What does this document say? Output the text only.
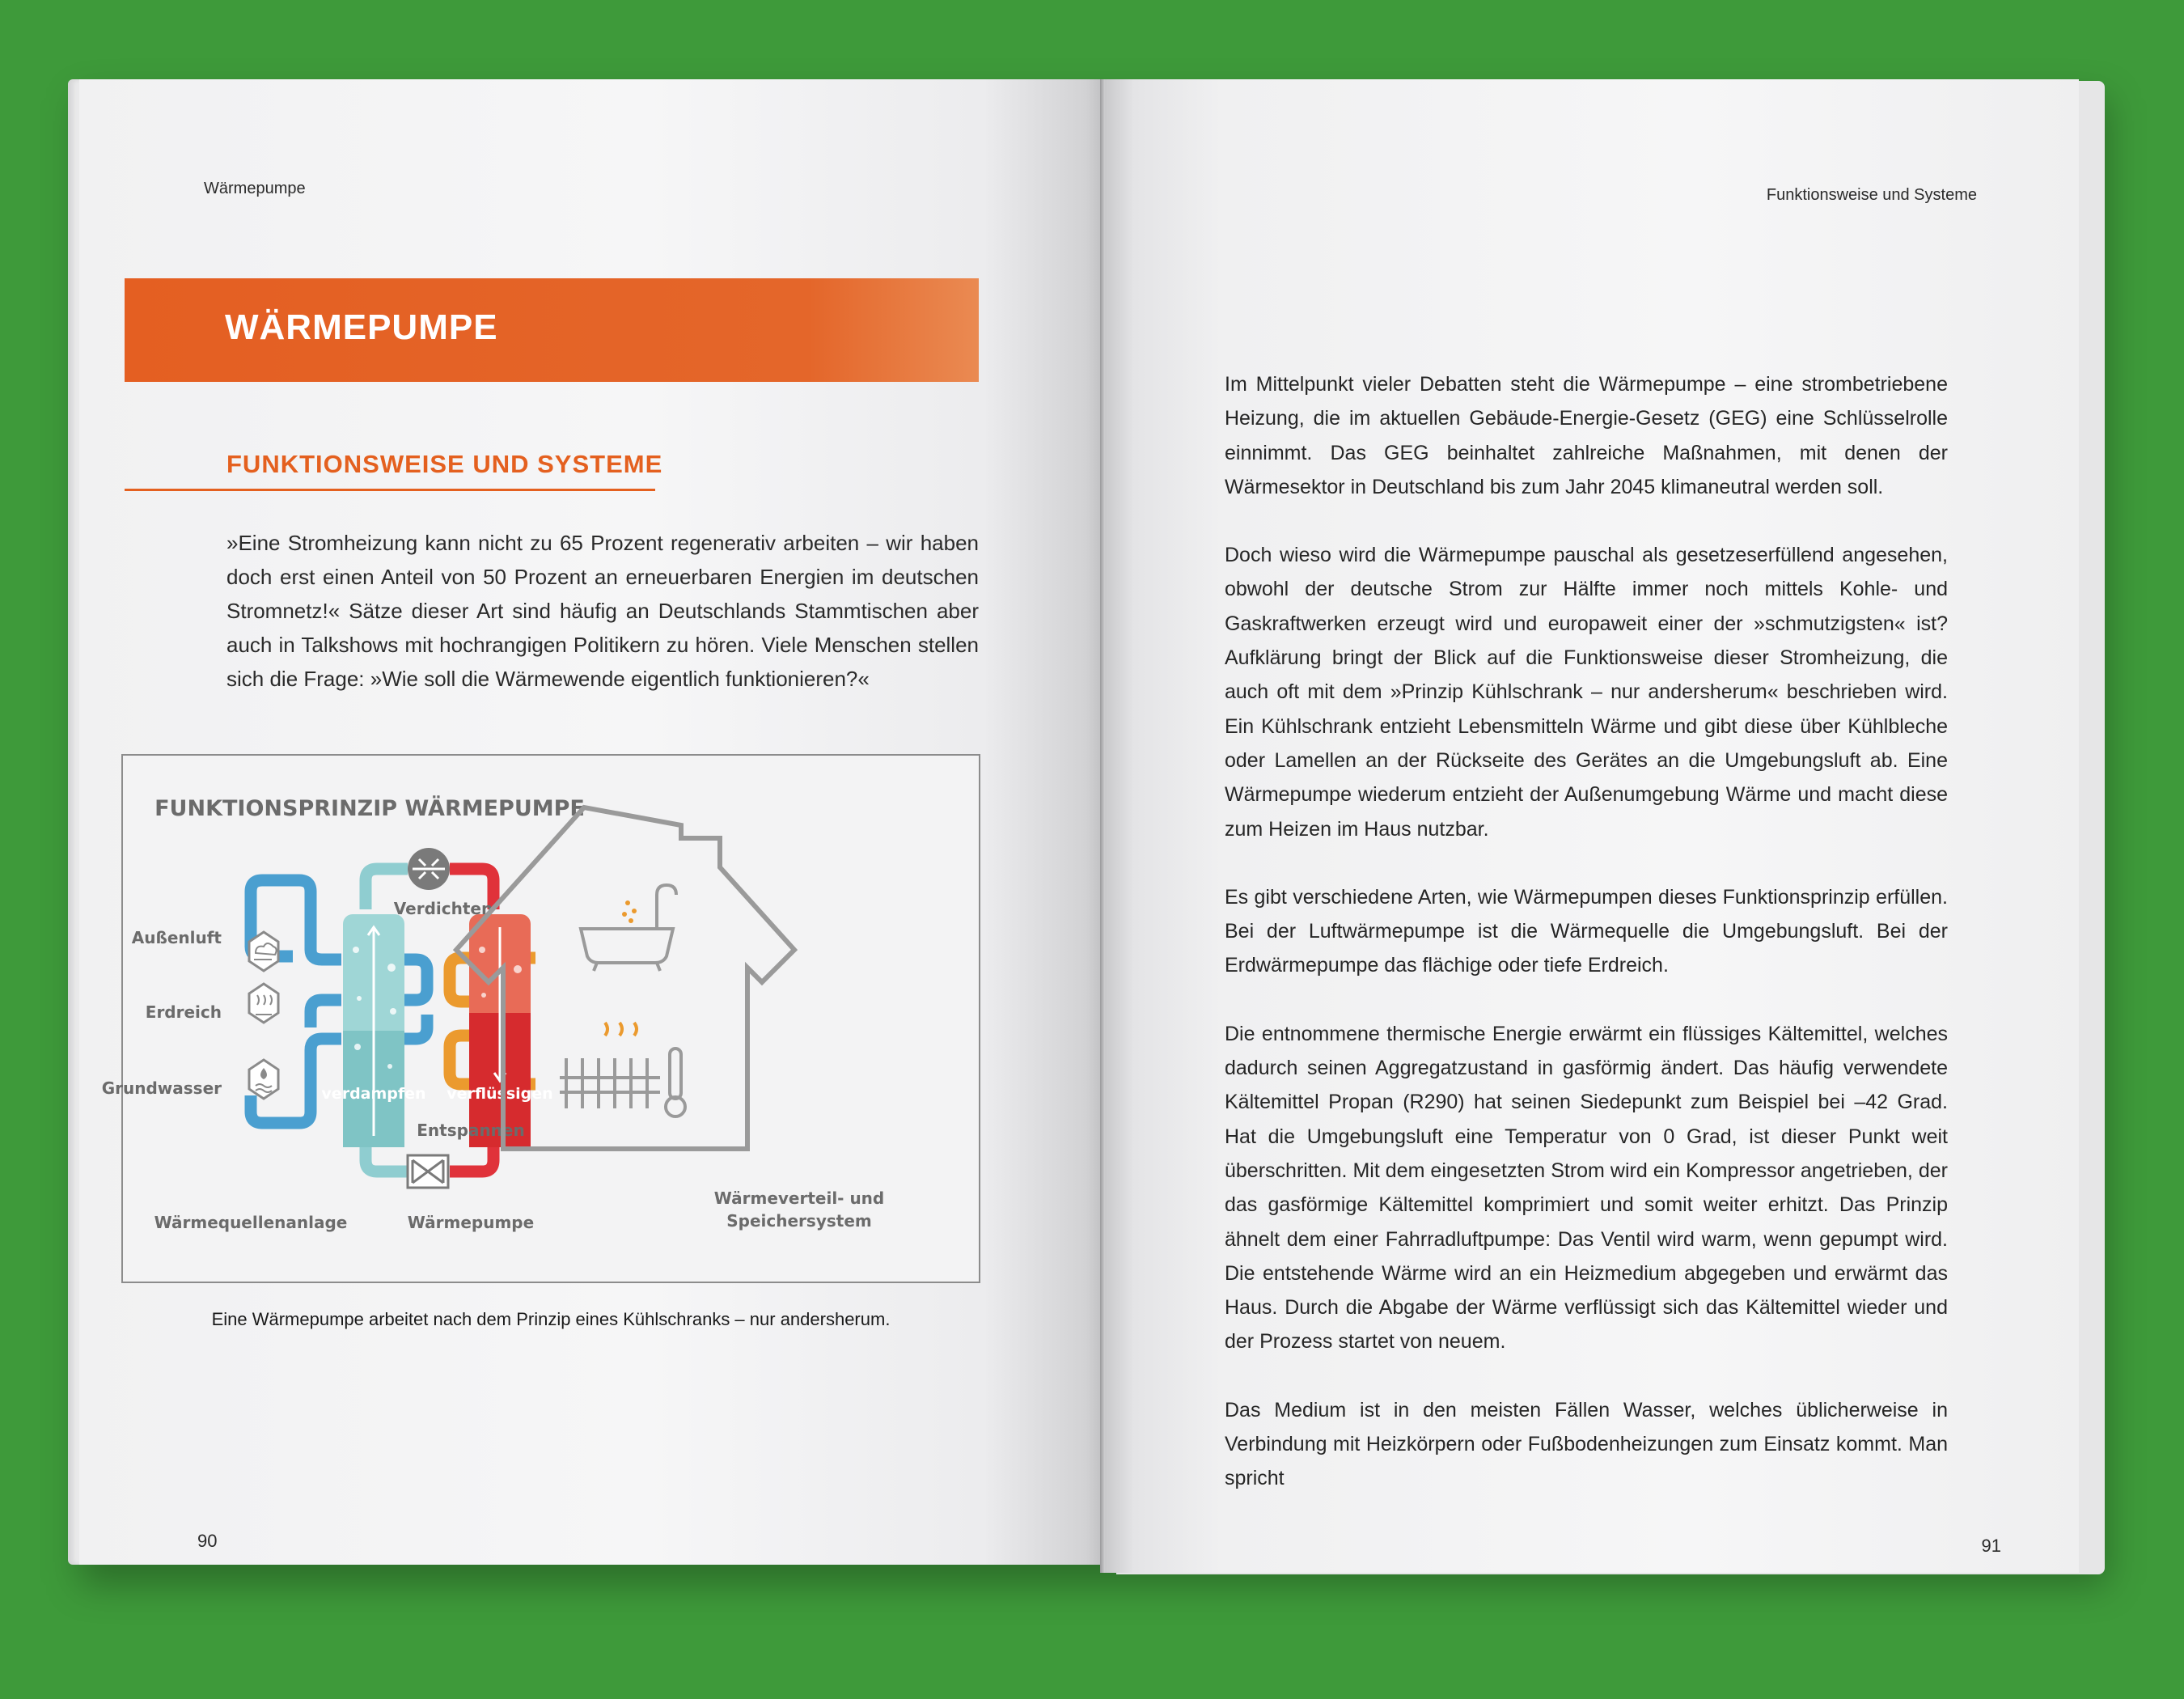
Wärmepumpe
WÄRMEPUMPE
FUNKTIONSWEISE UND SYSTEME

»Eine Stromheizung kann nicht zu 65 Prozent regenerativ arbeiten – wir haben

doch erst einen Anteil von 50 Prozent an erneuerbaren Energien im deutschen

Stromnetz!« Sätze dieser Art sind häufig an Deutschlands Stammtischen aber

auch in Talkshows mit hochrangigen Politikern zu hören. Viele Menschen stellen

sich die Frage: »Wie soll die Wärmewende eigentlich funktionieren?«

FUNKTIONSPRINZIP WÄRMEPUMPE
verdampfen verflüssigen
Verdichten
Entspannen
Außenluft
Erdreich
Grundwasser
Wärmequellenanlage	Wärmepumpe
Wärmeverteil- und
Speichersystem
Eine Wärmepumpe arbeitet nach dem Prinzip eines Kühlschranks – nur andersherum.
90
Funktionsweise und Systeme

Im Mittelpunkt vieler Debatten steht die Wärmepumpe – eine strombetriebene Heizung, die im aktuellen Gebäude-Energie-Gesetz (GEG) eine Schlüsselrolle einnimmt. Das GEG beinhaltet zahlreiche Maßnahmen, mit denen der Wärmesektor in Deutschland bis zum Jahr 2045 klimaneutral werden soll.

Doch wieso wird die Wärmepumpe pauschal als gesetzeserfüllend angesehen, obwohl der deutsche Strom zur Hälfte immer noch mittels Kohle- und Gaskraftwerken erzeugt wird und europaweit einer der »schmutzigsten« ist? Aufklärung bringt der Blick auf die Funktionsweise dieser Stromheizung, die auch oft mit dem »Prinzip Kühlschrank – nur andersherum« beschrieben wird. Ein Kühlschrank entzieht Lebensmitteln Wärme und gibt diese über Kühlbleche oder Lamellen an der Rückseite des Gerätes an die Umgebungsluft ab. Eine Wärmepumpe wiederum entzieht der Außenumgebung Wärme und macht diese zum Heizen im Haus nutzbar.

Es gibt verschiedene Arten, wie Wärmepumpen dieses Funktionsprinzip erfüllen. Bei der Luftwärmepumpe ist die Wärmequelle die Umgebungsluft. Bei der Erdwärmepumpe das flächige oder tiefe Erdreich.

Die entnommene thermische Energie erwärmt ein flüssiges Kältemittel, welches dadurch seinen Aggregatzustand in gasförmig ändert. Das häufig verwendete Kältemittel Propan (R290) hat seinen Siedepunkt zum Beispiel bei –42 Grad. Hat die Umgebungsluft eine Temperatur von 0 Grad, ist dieser Punkt weit überschritten. Mit dem eingesetzten Strom wird ein Kompressor angetrieben, der das gasförmige Kältemittel komprimiert und somit weiter erhitzt. Das Prinzip ähnelt dem einer Fahrradluftpumpe: Das Ventil wird warm, wenn gepumpt wird. Die entstehende Wärme wird an ein Heizmedium abgegeben und erwärmt das Haus. Durch die Abgabe der Wärme verflüssigt sich das Kältemittel wieder und der Prozess startet von neuem.

Das Medium ist in den meisten Fällen Wasser, welches üblicherweise in Verbindung mit Heizkörpern oder Fußbodenheizungen zum Einsatz kommt. Man spricht

91
